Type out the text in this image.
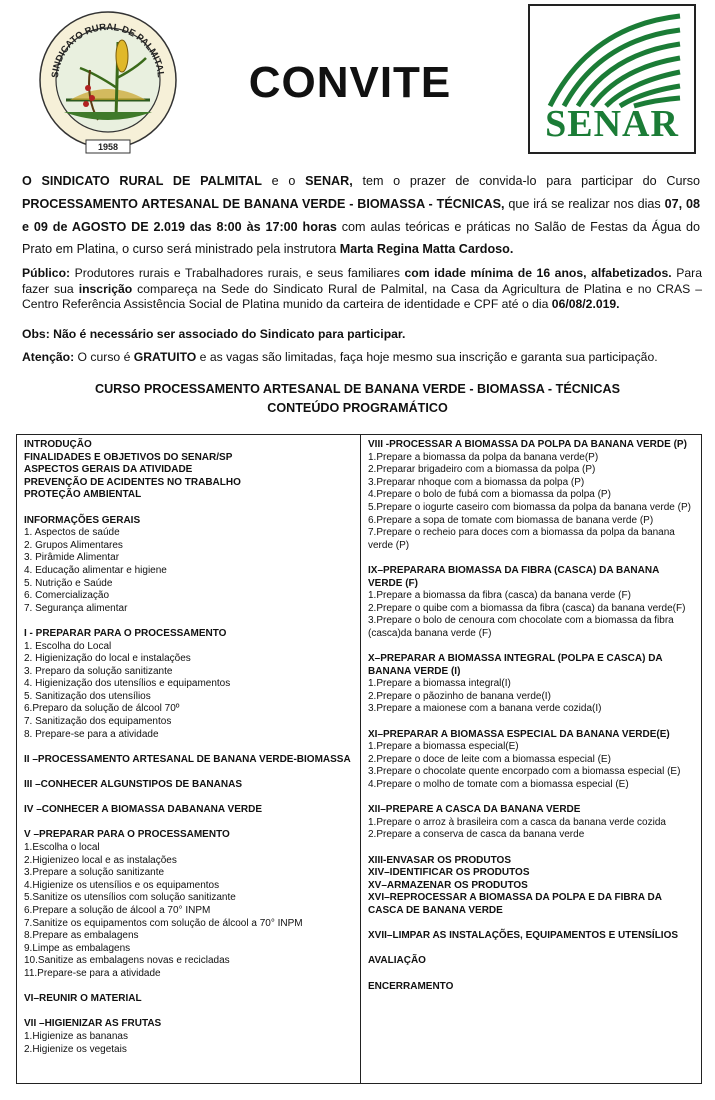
SINDICATO RURAL DE PALMITAL
1958
CONVITE
SENAR

O SINDICATO RURAL DE PALMITAL e o SENAR, tem o prazer de convida-lo para participar do Curso PROCESSAMENTO ARTESANAL DE BANANA VERDE - BIOMASSA - TÉCNICAS, que irá se realizar nos dias 07, 08 e 09 de AGOSTO DE 2.019 das 8:00 às 17:00 horas com aulas teóricas e práticas no Salão de Festas da Água do Prato em Platina, o curso será ministrado pela instrutora Marta Regina Matta Cardoso.

Público: Produtores rurais e Trabalhadores rurais, e seus familiares com idade mínima de 16 anos, alfabetizados. Para fazer sua inscrição compareça na Sede do Sindicato Rural de Palmital, na Casa da Agricultura de Platina e no CRAS – Centro Referência Assistência Social de Platina munido da carteira de identidade e CPF até o dia 06/08/2.019.

Obs: Não é necessário ser associado do Sindicato para participar.

Atenção: O curso é GRATUITO e as vagas são limitadas, faça hoje mesmo sua inscrição e garanta sua participação.

CURSO PROCESSAMENTO ARTESANAL DE BANANA VERDE - BIOMASSA - TÉCNICAS
CONTEÚDO PROGRAMÁTICO
INTRODUÇÃO
FINALIDADES E OBJETIVOS DO SENAR/SP
ASPECTOS GERAIS DA ATIVIDADE
PREVENÇÃO DE ACIDENTES NO TRABALHO
PROTEÇÃO AMBIENTAL
INFORMAÇÕES GERAIS
1. Aspectos de saúde
2. Grupos Alimentares
3. Pirâmide Alimentar
4. Educação alimentar e higiene
5. Nutrição e Saúde
6. Comercialização
7. Segurança alimentar
I - PREPARAR PARA O PROCESSAMENTO
1. Escolha do Local
2. Higienização do local e instalações
3. Preparo da solução sanitizante
4. Higienização dos utensílios e equipamentos
5. Sanitização dos utensílios
6.Preparo da solução de álcool 70º
7. Sanitização dos equipamentos
8. Prepare-se para a atividade
II –PROCESSAMENTO ARTESANAL DE BANANA VERDE-BIOMASSA
III –CONHECER ALGUNSTIPOS DE BANANAS
IV –CONHECER A BIOMASSA DABANANA VERDE
V –PREPARAR PARA O PROCESSAMENTO
1.Escolha o local
2.Higienizeo local e as instalações
3.Prepare a solução sanitizante
4.Higienize os utensílios e os equipamentos
5.Sanitize os utensílios com solução sanitizante
6.Prepare a solução de álcool a 70° INPM
7.Sanitize os equipamentos com solução de álcool a 70° INPM
8.Prepare as embalagens
9.Limpe as embalagens
10.Sanitize as embalagens novas e recicladas
11.Prepare-se para a atividade
VI–REUNIR O MATERIAL
VII –HIGIENIZAR AS FRUTAS
1.Higienize as bananas
2.Higienize os vegetais
VIII -PROCESSAR A BIOMASSA DA POLPA DA BANANA VERDE (P)
1.Prepare a biomassa da polpa da banana verde(P)
2.Preparar brigadeiro com a biomassa da polpa (P)
3.Preparar nhoque com a biomassa da polpa (P)
4.Prepare o bolo de fubá com a biomassa da polpa (P)
5.Prepare o iogurte caseiro com biomassa da polpa da banana verde (P)
6.Prepare a sopa de tomate com biomassa de banana verde (P)
7.Prepare o recheio para doces com a biomassa da polpa da banana verde (P)
IX–PREPARARA BIOMASSA DA FIBRA (CASCA) DA BANANA VERDE (F)
1.Prepare a biomassa da fibra (casca) da banana verde (F)
2.Prepare o quibe com a biomassa da fibra (casca) da banana verde(F)
3.Prepare o bolo de cenoura com chocolate com a biomassa da fibra (casca)da banana verde (F)
X–PREPARAR A BIOMASSA INTEGRAL (POLPA E CASCA) DA BANANA VERDE (I)
1.Prepare a biomassa integral(I)
2.Prepare o pãozinho de banana verde(I)
3.Prepare a maionese com a banana verde cozida(I)
XI–PREPARAR A BIOMASSA ESPECIAL DA BANANA VERDE(E)
1.Prepare a biomassa especial(E)
2.Prepare o doce de leite com a biomassa especial (E)
3.Prepare o chocolate quente encorpado com a biomassa especial (E)
4.Prepare o molho de tomate com a biomassa especial (E)
XII–PREPARE A CASCA DA BANANA VERDE
1.Prepare o arroz à brasileira com a casca da banana verde cozida
2.Prepare a conserva de casca da banana verde
XIII-ENVASAR OS PRODUTOS
XIV–IDENTIFICAR OS PRODUTOS
XV–ARMAZENAR OS PRODUTOS
XVI–REPROCESSAR A BIOMASSA DA POLPA E DA FIBRA DA CASCA DE BANANA VERDE
XVII–LIMPAR AS INSTALAÇÕES, EQUIPAMENTOS E UTENSÍLIOS
AVALIAÇÃO
ENCERRAMENTO
